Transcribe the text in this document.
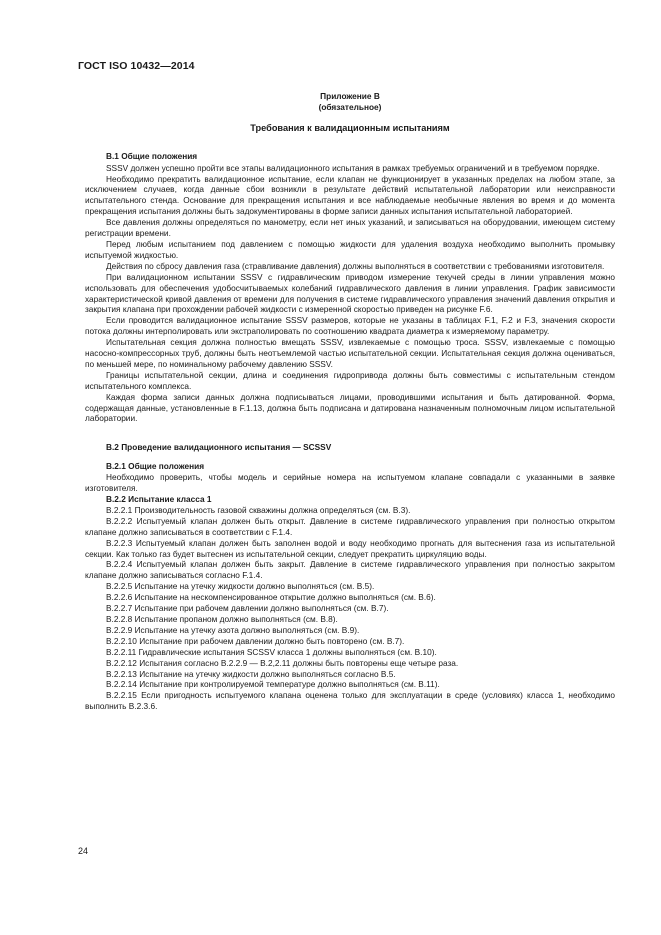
ГОСТ ISO 10432—2014
Приложение В
(обязательное)
Требования к валидационным испытаниям
В.1 Общие положения

SSSV должен успешно пройти все этапы валидационного испытания в рамках требуемых ограничений и в требуемом порядке.

Необходимо прекратить валидационное испытание, если клапан не функционирует в указанных пределах на любом этапе, за исключением случаев, когда данные сбои возникли в результате действий испытательной лаборатории или неисправности испытательного стенда. Основание для прекращения испытания и все наблюдаемые необычные явления во время и до момента прекращения испытания должны быть задокументированы в форме записи данных испытания испытательной лабораторией.

Все давления должны определяться по манометру, если нет иных указаний, и записываться на оборудовании, имеющем систему регистрации времени.

Перед любым испытанием под давлением с помощью жидкости для удаления воздуха необходимо выполнить промывку испытуемой жидкостью.

Действия по сбросу давления газа (стравливание давления) должны выполняться в соответствии с требованиями изготовителя.

При валидационном испытании SSSV с гидравлическим приводом измерение текучей среды в линии управления можно использовать для обеспечения удобосчитываемых колебаний гидравлического давления в линии управления. График зависимости характеристической кривой давления от времени для получения в системе гидравлического управления значений давления открытия и закрытия клапана при прохождении рабочей жидкости с измеренной скоростью приведен на рисунке F.6.

Если проводится валидационное испытание SSSV размеров, которые не указаны в таблицах F.1, F.2 и F.3, значения скорости потока должны интерполировать или экстраполировать по соотношению квадрата диаметра к измеряемому параметру.

Испытательная секция должна полностью вмещать SSSV, извлекаемые с помощью троса. SSSV, извлекаемые с помощью насосно-компрессорных труб, должны быть неотъемлемой частью испытательной секции. Испытательная секция должна оцениваться, по меньшей мере, по номинальному рабочему давлению SSSV.

Границы испытательной секции, длина и соединения гидропривода должны быть совместимы с испытательным стендом испытательного комплекса.

Каждая форма записи данных должна подписываться лицами, проводившими испытания и быть датированной. Форма, содержащая данные, установленные в F.1.13, должна быть подписана и датирована назначенным полномочным лицом испытательной лаборатории.

В.2 Проведение валидационного испытания — SCSSV
В.2.1 Общие положения

Необходимо проверить, чтобы модель и серийные номера на испытуемом клапане совпадали с указанными в заявке изготовителя.

В.2.2 Испытание класса 1

В.2.2.1 Производительность газовой скважины должна определяться (см. В.3).

В.2.2.2 Испытуемый клапан должен быть открыт. Давление в системе гидравлического управления при полностью открытом клапане должно записываться в соответствии с F.1.4.

В.2.2.3 Испытуемый клапан должен быть заполнен водой и воду необходимо прогнать для вытеснения газа из испытательной секции. Как только газ будет вытеснен из испытательной секции, следует прекратить циркуляцию воды.

В.2.2.4 Испытуемый клапан должен быть закрыт. Давление в системе гидравлического управления при полностью закрытом клапане должно записываться согласно F.1.4.

В.2.2.5 Испытание на утечку жидкости должно выполняться (см. В.5).

В.2.2.6 Испытание на нескомпенсированное открытие должно выполняться (см. В.6).

В.2.2.7 Испытание при рабочем давлении должно выполняться (см. В.7).

В.2.2.8 Испытание пропаном должно выполняться (см. В.8).

В.2.2.9 Испытание на утечку азота должно выполняться (см. В.9).

В.2.2.10 Испытание при рабочем давлении должно быть повторено (см. В.7).

В.2.2.11 Гидравлические испытания SCSSV класса 1 должны выполняться (см. В.10).

В.2.2.12 Испытания согласно В.2.2.9 — В.2,2.11 должны быть повторены еще четыре раза.

В.2.2.13 Испытание на утечку жидкости должно выполняться согласно В.5.

В.2.2.14 Испытание при контролируемой температуре должно выполняться (см. В.11).

В.2.2.15 Если пригодность испытуемого клапана оценена только для эксплуатации в среде (условиях) класса 1, необходимо выполнить В.2.3.6.

24
